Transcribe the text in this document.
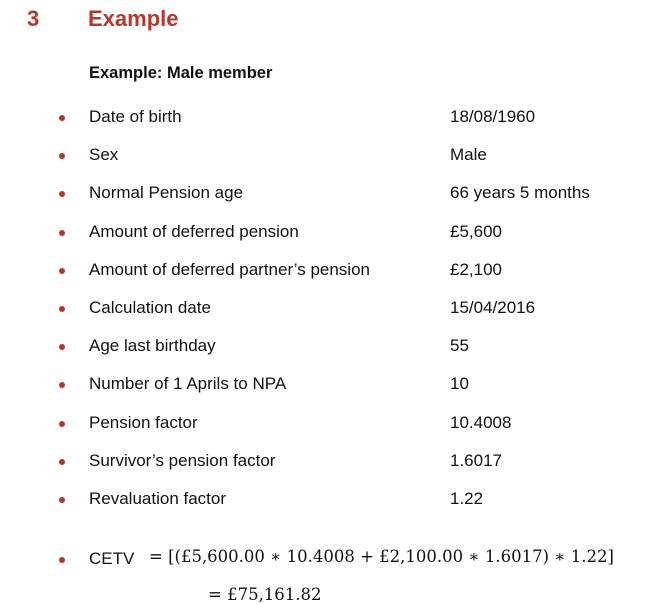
3 Example
Example: Male member
Date of birth	18/08/1960
Sex	Male
Normal Pension age	66 years 5 months
Amount of deferred pension	£5,600
Amount of deferred partner’s pension	£2,100
Calculation date	15/04/2016
Age last birthday	55
Number of 1 Aprils to NPA	10
Pension factor	10.4008
Survivor’s pension factor	1.6017
Revaluation factor	1.22
CETV = [(£5,600.00 ∗ 10.4008 + £2,100.00 ∗ 1.6017) ∗ 1.22]
= £75,161.82
